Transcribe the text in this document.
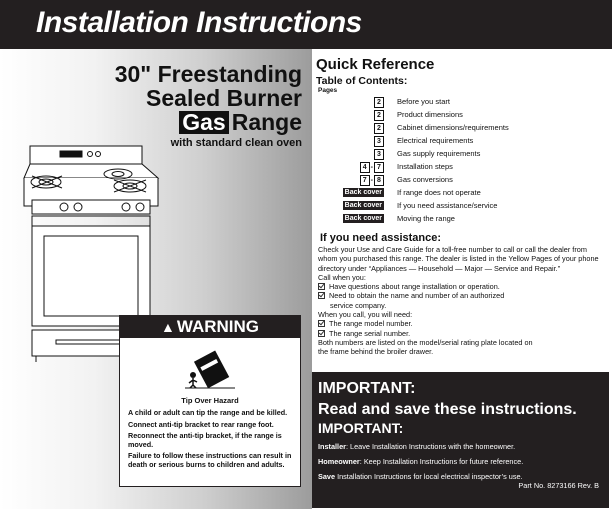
Installation Instructions
30" Freestanding
Sealed Burner
Gas Range
with standard clean oven
▲ WARNING
Tip Over Hazard

A child or adult can tip the range and be killed.

Connect anti-tip bracket to rear range foot.

Reconnect the anti-tip bracket, if the range is moved.

Failure to follow these instructions can result in death or serious burns to children and adults.

Quick Reference
Table of Contents:
Pages
2	Before you start
2	Product dimensions
2	Cabinet dimensions/requirements
3	Electrical requirements
3	Gas supply requirements
4 - 7	Installation steps
7 - 8	Gas conversions
Back cover If range does not operate
Back cover If you need assistance/service
Back cover Moving the range
If you need assistance:
Check your Use and Care Guide for a toll-free number to call or call the dealer from whom you purchased this range. The dealer is listed in the Yellow Pages of your phone directory under “Appliances — Household — Major — Service and Repair.”
Call when you:
Have questions about range installation or operation.
Need to obtain the name and number of an authorized
service company.
When you call, you will need:
The range model number.
The range serial number.
Both numbers are listed on the model/serial rating plate located on
the frame behind the broiler drawer.
IMPORTANT:
Read and save these instructions.
IMPORTANT:
Installer: Leave Installation Instructions with the homeowner.
Homeowner: Keep Installation Instructions for future reference.
Save Installation Instructions for local electrical inspector’s use.
Part No. 8273166 Rev. B
